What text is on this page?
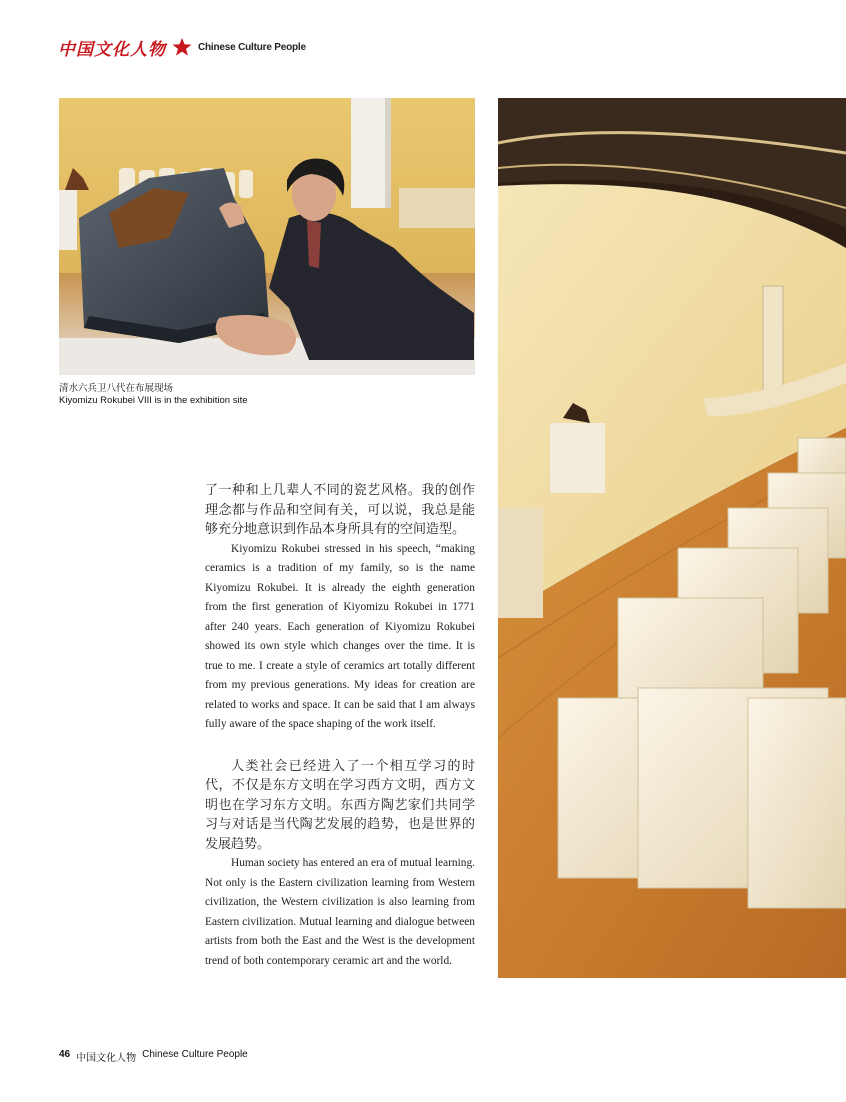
中国文化人物	Chinese Culture People
清水六兵卫八代在布展现场
Kiyomizu Rokubei VIII is in the exhibition site

了一种和上几辈人不同的瓷艺风格。我的创作理念都与作品和空间有关，可以说，我总是能够充分地意识到作品本身所具有的空间造型。

Kiyomizu Rokubei stressed in his speech, “making ceramics is a tradition of my family, so is the name Kiyomizu Rokubei. It is already the eighth generation from the first generation of Kiyomizu Rokubei in 1771 after 240 years. Each generation of Kiyomizu Rokubei showed its own style which changes over the time. It is true to me. I create a style of ceramics art totally different from my previous generations. My ideas for creation are related to works and space. It can be said that I am always fully aware of the space shaping of the work itself.

人类社会已经进入了一个相互学习的时代，不仅是东方文明在学习西方文明，西方文明也在学习东方文明。东西方陶艺家们共同学习与对话是当代陶艺发展的趋势，也是世界的发展趋势。

Human society has entered an era of mutual learning. Not only is the Eastern civilization learning from Western civilization, the Western civilization is also learning from Eastern civilization. Mutual learning and dialogue between artists from both the East and the West is the development trend of both contemporary ceramic art and the world.

46 中国文化人物 Chinese Culture People
